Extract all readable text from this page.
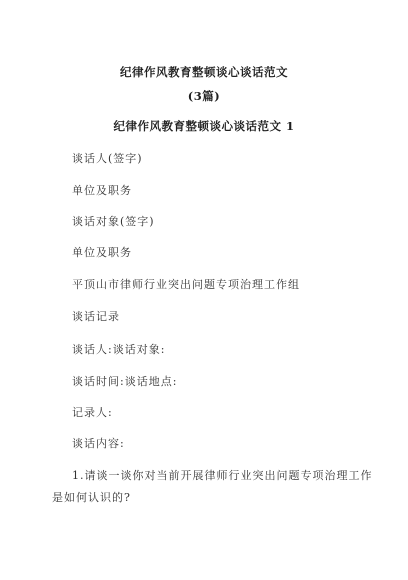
纪律作风教育整顿谈心谈话范文
(3篇)
纪律作风教育整顿谈心谈话范文 1
谈话人(签字)
单位及职务
谈话对象(签字)
单位及职务
平顶山市律师行业突出问题专项治理工作组
谈话记录
谈话人:谈话对象:
谈话时间:谈话地点:
记录人:
谈话内容:
1.请谈一谈你对当前开展律师行业突出问题专项治理工作
是如何认识的?
